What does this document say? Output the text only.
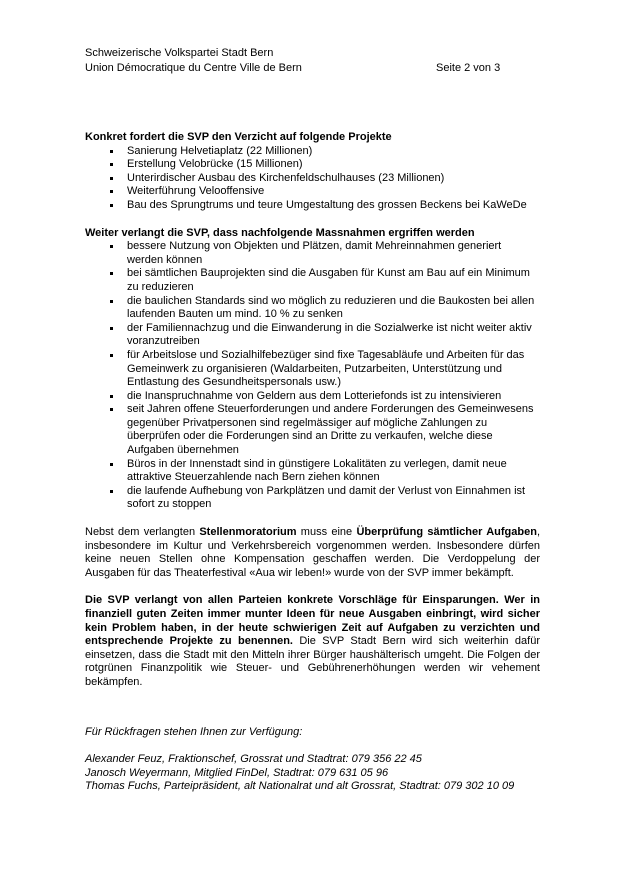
Schweizerische Volkspartei Stadt Bern
Union Démocratique du Centre Ville de Bern	Seite 2 von 3

Konkret fordert die SVP den Verzicht auf folgende Projekte

Sanierung Helvetiaplatz (22 Millionen)
Erstellung Velobrücke (15 Millionen)
Unterirdischer Ausbau des Kirchenfeldschulhauses (23 Millionen)
Weiterführung Velooffensive
Bau des Sprungtrums und teure Umgestaltung des grossen Beckens bei KaWeDe

Weiter verlangt die SVP, dass nachfolgende Massnahmen ergriffen werden

bessere Nutzung von Objekten und Plätzen, damit Mehreinnahmen generiert werden können
bei sämtlichen Bauprojekten sind die Ausgaben für Kunst am Bau auf ein Minimum zu reduzieren
die baulichen Standards sind wo möglich zu reduzieren und die Baukosten bei allen laufenden Bauten um mind. 10 % zu senken
der Familiennachzug und die Einwanderung in die Sozialwerke ist nicht weiter aktiv voranzutreiben
für Arbeitslose und Sozialhilfebezüger sind fixe Tagesabläufe und Arbeiten für das Gemeinwerk zu organisieren (Waldarbeiten, Putzarbeiten, Unterstützung und Entlastung des Gesundheitspersonals usw.)
die Inanspruchnahme von Geldern aus dem Lotteriefonds ist zu intensivieren
seit Jahren offene Steuerforderungen und andere Forderungen des Gemeinwesens gegenüber Privatpersonen sind regelmässiger auf mögliche Zahlungen zu überprüfen oder die Forderungen sind an Dritte zu verkaufen, welche diese Aufgaben übernehmen
Büros in der Innenstadt sind in günstigere Lokalitäten zu verlegen, damit neue attraktive Steuerzahlende nach Bern ziehen können
die laufende Aufhebung von Parkplätzen und damit der Verlust von Einnahmen ist sofort zu stoppen

Nebst dem verlangten Stellenmoratorium muss eine Überprüfung sämtlicher Aufgaben, insbesondere im Kultur und Verkehrsbereich vorgenommen werden. Insbesondere dürfen keine neuen Stellen ohne Kompensation geschaffen werden. Die Verdoppelung der Ausgaben für das Theaterfestival «Aua wir leben!» wurde von der SVP immer bekämpft.

Die SVP verlangt von allen Parteien konkrete Vorschläge für Einsparungen. Wer in finanziell guten Zeiten immer munter Ideen für neue Ausgaben einbringt, wird sicher kein Problem haben, in der heute schwierigen Zeit auf Aufgaben zu verzichten und entsprechende Projekte zu benennen. Die SVP Stadt Bern wird sich weiterhin dafür einsetzen, dass die Stadt mit den Mitteln ihrer Bürger haushälterisch umgeht. Die Folgen der rotgrünen Finanzpolitik wie Steuer- und Gebührenerhöhungen werden wir vehement bekämpfen.

Für Rückfragen stehen Ihnen zur Verfügung:

Alexander Feuz, Fraktionschef, Grossrat und Stadtrat: 079 356 22 45
Janosch Weyermann, Mitglied FinDel, Stadtrat: 079 631 05 96
Thomas Fuchs, Parteipräsident, alt Nationalrat und alt Grossrat, Stadtrat: 079 302 10 09
